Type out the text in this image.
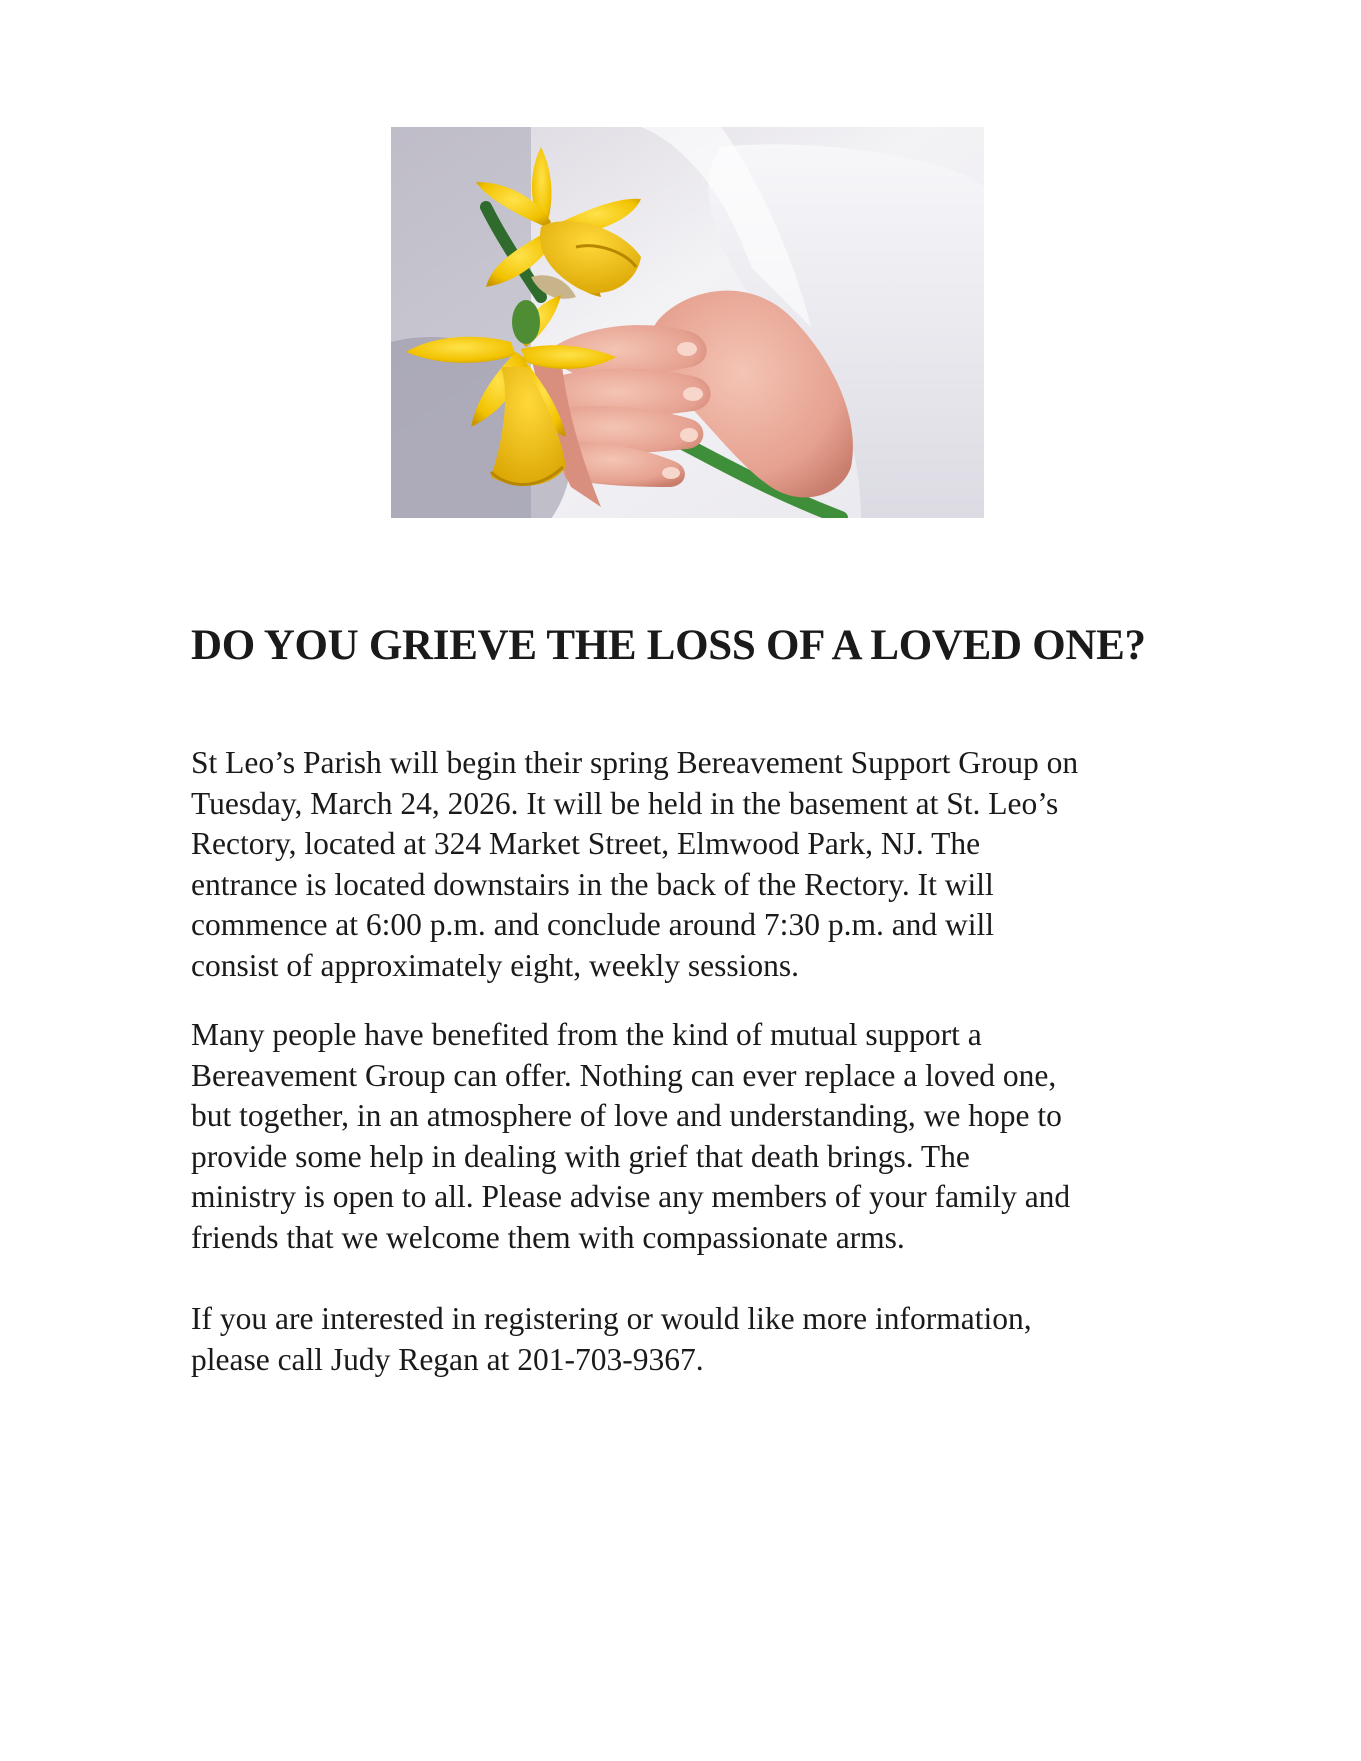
DO YOU GRIEVE THE LOSS OF A LOVED ONE?

St Leo’s Parish will begin their spring Bereavement Support Group on
Tuesday, March 24, 2026. It will be held in the basement at St. Leo’s
Rectory, located at 324 Market Street, Elmwood Park, NJ. The
entrance is located downstairs in the back of the Rectory. It will
commence at 6:00 p.m. and conclude around 7:30 p.m. and will
consist of approximately eight, weekly sessions.

Many people have benefited from the kind of mutual support a
Bereavement Group can offer. Nothing can ever replace a loved one,
but together, in an atmosphere of love and understanding, we hope to
provide some help in dealing with grief that death brings. The
ministry is open to all. Please advise any members of your family and
friends that we welcome them with compassionate arms.

If you are interested in registering or would like more information,
please call Judy Regan at 201-703-9367.
